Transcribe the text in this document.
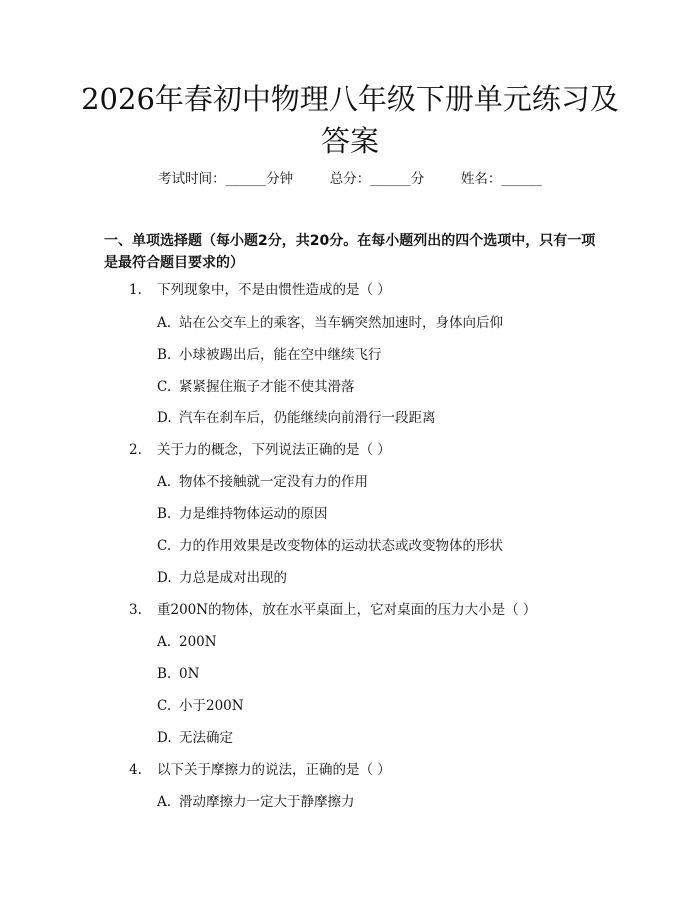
2026年春初中物理八年级下册单元练习及答案
考试时间：______分钟	总分：______分	姓名：______
一、单项选择题（每小题2分，共20分。在每小题列出的四个选项中，只有一项是最符合题目要求的）
1. 下列现象中，不是由惯性造成的是（ ）
A. 站在公交车上的乘客，当车辆突然加速时，身体向后仰
B. 小球被踢出后，能在空中继续飞行
C. 紧紧握住瓶子才能不使其滑落
D. 汽车在刹车后，仍能继续向前滑行一段距离
2. 关于力的概念，下列说法正确的是（ ）
A. 物体不接触就一定没有力的作用
B. 力是维持物体运动的原因
C. 力的作用效果是改变物体的运动状态或改变物体的形状
D. 力总是成对出现的
3. 重200N的物体，放在水平桌面上，它对桌面的压力大小是（ ）
A. 200N
B. 0N
C. 小于200N
D. 无法确定
4. 以下关于摩擦力的说法，正确的是（ ）
A. 滑动摩擦力一定大于静摩擦力
